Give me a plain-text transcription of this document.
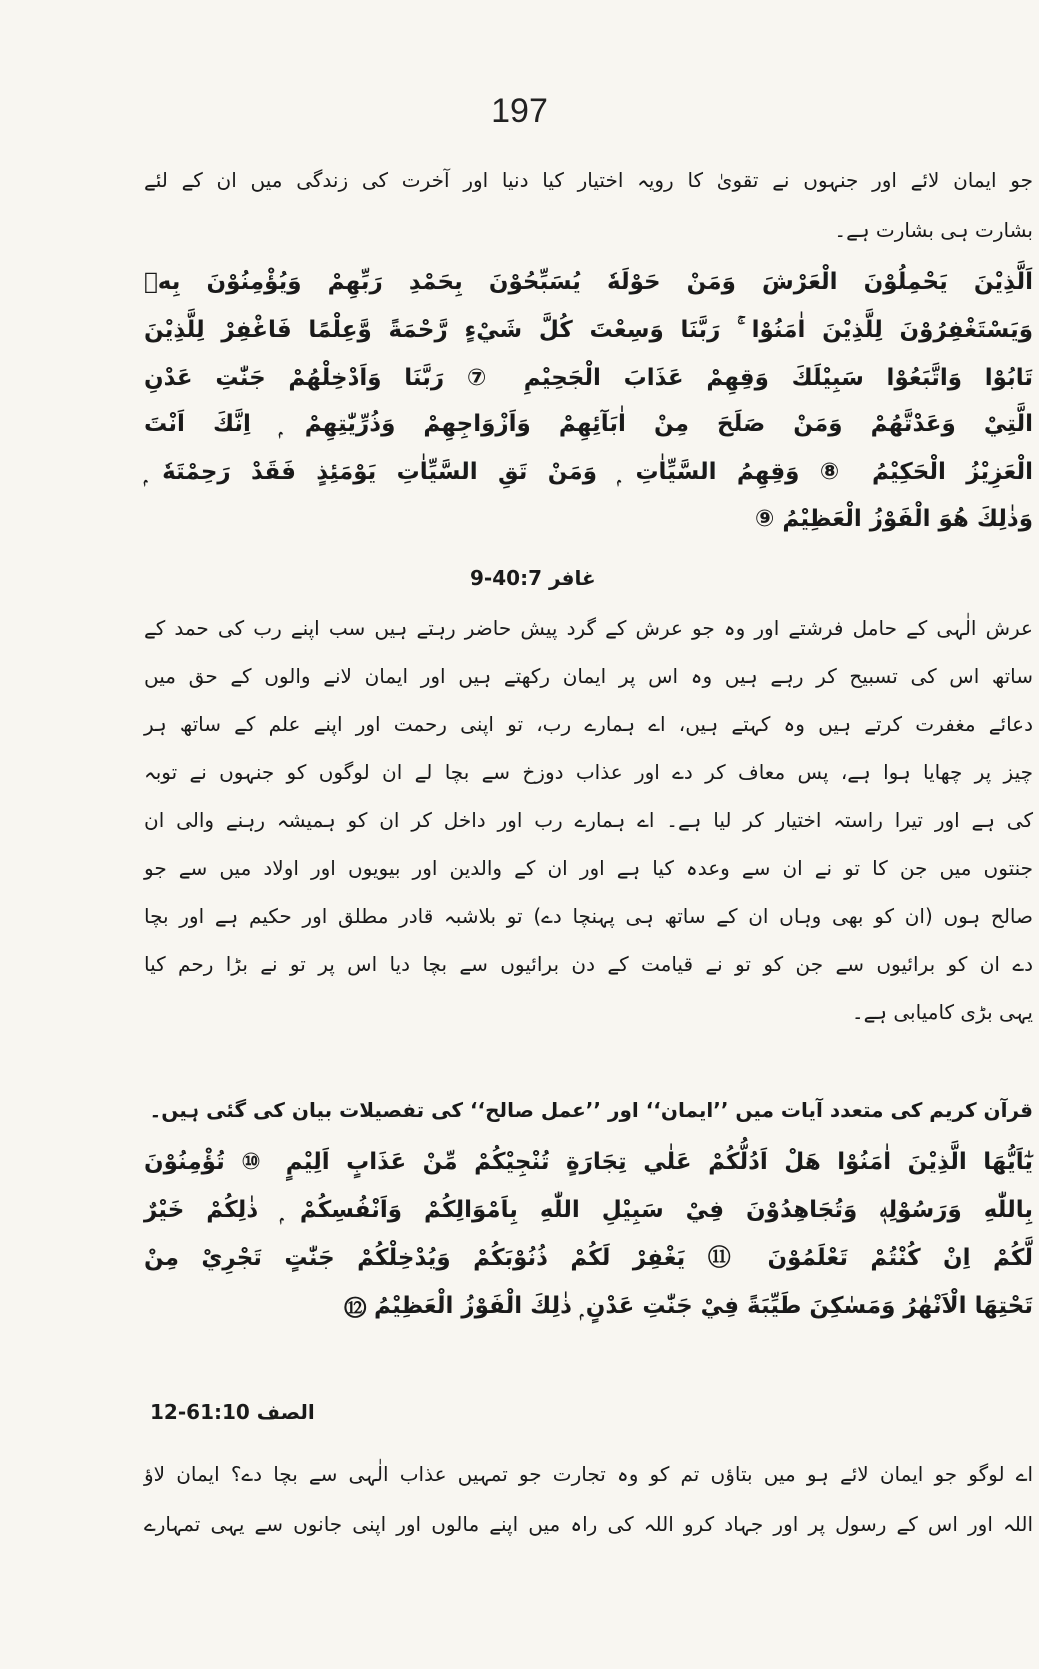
197
جو ایمان لائے اور جنہوں نے تقویٰ کا رویہ اختیار کیا دنیا اور آخرت کی زندگی میں ان کے لئے
بشارت ہی بشارت ہے۔
اَلَّذِيْنَ يَحْمِلُوْنَ الْعَرْشَ وَمَنْ حَوْلَهٗ يُسَبِّحُوْنَ بِحَمْدِ رَبِّهِمْ وَيُؤْمِنُوْنَ بِهٖ
وَيَسْتَغْفِرُوْنَ لِلَّذِيْنَ اٰمَنُوْا ۚ رَبَّنَا وَسِعْتَ كُلَّ شَيْءٍ رَّحْمَةً وَّعِلْمًا فَاغْفِرْ لِلَّذِيْنَ
تَابُوْا وَاتَّبَعُوْا سَبِيْلَكَ وَقِهِمْ عَذَابَ الْجَحِيْمِ ⑦ رَبَّنَا وَاَدْخِلْهُمْ جَنّٰتِ عَدْنِ
الَّتِيْ وَعَدْتَّهُمْ وَمَنْ صَلَحَ مِنْ اٰبَآئِهِمْ وَاَزْوَاجِهِمْ وَذُرِّيّٰتِهِمْ ۭ اِنَّكَ اَنْتَ
الْعَزِيْزُ الْحَكِيْمُ ⑧ وَقِهِمُ السَّيِّاٰتِ ۭ وَمَنْ تَقِ السَّيِّاٰتِ يَوْمَئِذٍ فَقَدْ رَحِمْتَهٗ ۭ
وَذٰلِكَ هُوَ الْفَوْزُ الْعَظِيْمُ ⑨
غافر 40:7-9
عرش الٰہی کے حامل فرشتے اور وہ جو عرش کے گرد پیش حاضر رہتے ہیں سب اپنے رب کی حمد کے
ساتھ اس کی تسبیح کر رہے ہیں وہ اس پر ایمان رکھتے ہیں اور ایمان لانے والوں کے حق میں
دعائے مغفرت کرتے ہیں وہ کہتے ہیں، اے ہمارے رب، تو اپنی رحمت اور اپنے علم کے ساتھ ہر
چیز پر چھایا ہوا ہے، پس معاف کر دے اور عذاب دوزخ سے بچا لے ان لوگوں کو جنہوں نے توبہ
کی ہے اور تیرا راستہ اختیار کر لیا ہے۔ اے ہمارے رب اور داخل کر ان کو ہمیشہ رہنے والی ان
جنتوں میں جن کا تو نے ان سے وعدہ کیا ہے اور ان کے والدین اور بیویوں اور اولاد میں سے جو
صالح ہوں (ان کو بھی وہاں ان کے ساتھ ہی پہنچا دے) تو بلاشبہ قادر مطلق اور حکیم ہے اور بچا
دے ان کو برائیوں سے جن کو تو نے قیامت کے دن برائیوں سے بچا دیا اس پر تو نے بڑا رحم کیا
یہی بڑی کامیابی ہے۔
قرآن کریم کی متعدد آیات میں ’’ایمان‘‘ اور ’’عمل صالح‘‘ کی تفصیلات بیان کی گئی ہیں۔
يٰٓاَيُّهَا الَّذِيْنَ اٰمَنُوْا هَلْ اَدُلُّكُمْ عَلٰي تِجَارَةٍ تُنْجِيْكُمْ مِّنْ عَذَابٍ اَلِيْمٍ ⑩ تُؤْمِنُوْنَ
بِاللّٰهِ وَرَسُوْلِهٖ وَتُجَاهِدُوْنَ فِيْ سَبِيْلِ اللّٰهِ بِاَمْوَالِكُمْ وَاَنْفُسِكُمْ ۭ ذٰلِكُمْ خَيْرٌ
لَّكُمْ اِنْ كُنْتُمْ تَعْلَمُوْنَ ⑪ يَغْفِرْ لَكُمْ ذُنُوْبَكُمْ وَيُدْخِلْكُمْ جَنّٰتٍ تَجْرِيْ مِنْ
تَحْتِهَا الْاَنْهٰرُ وَمَسٰكِنَ طَيِّبَةً فِيْ جَنّٰتِ عَدْنٍ ۭ ذٰلِكَ الْفَوْزُ الْعَظِيْمُ ⑫
الصف 61:10-12
اے لوگو جو ایمان لائے ہو میں بتاؤں تم کو وہ تجارت جو تمہیں عذاب الٰہی سے بچا دے؟ ایمان لاؤ
اللہ اور اس کے رسول پر اور جہاد کرو اللہ کی راہ میں اپنے مالوں اور اپنی جانوں سے یہی تمہارے
